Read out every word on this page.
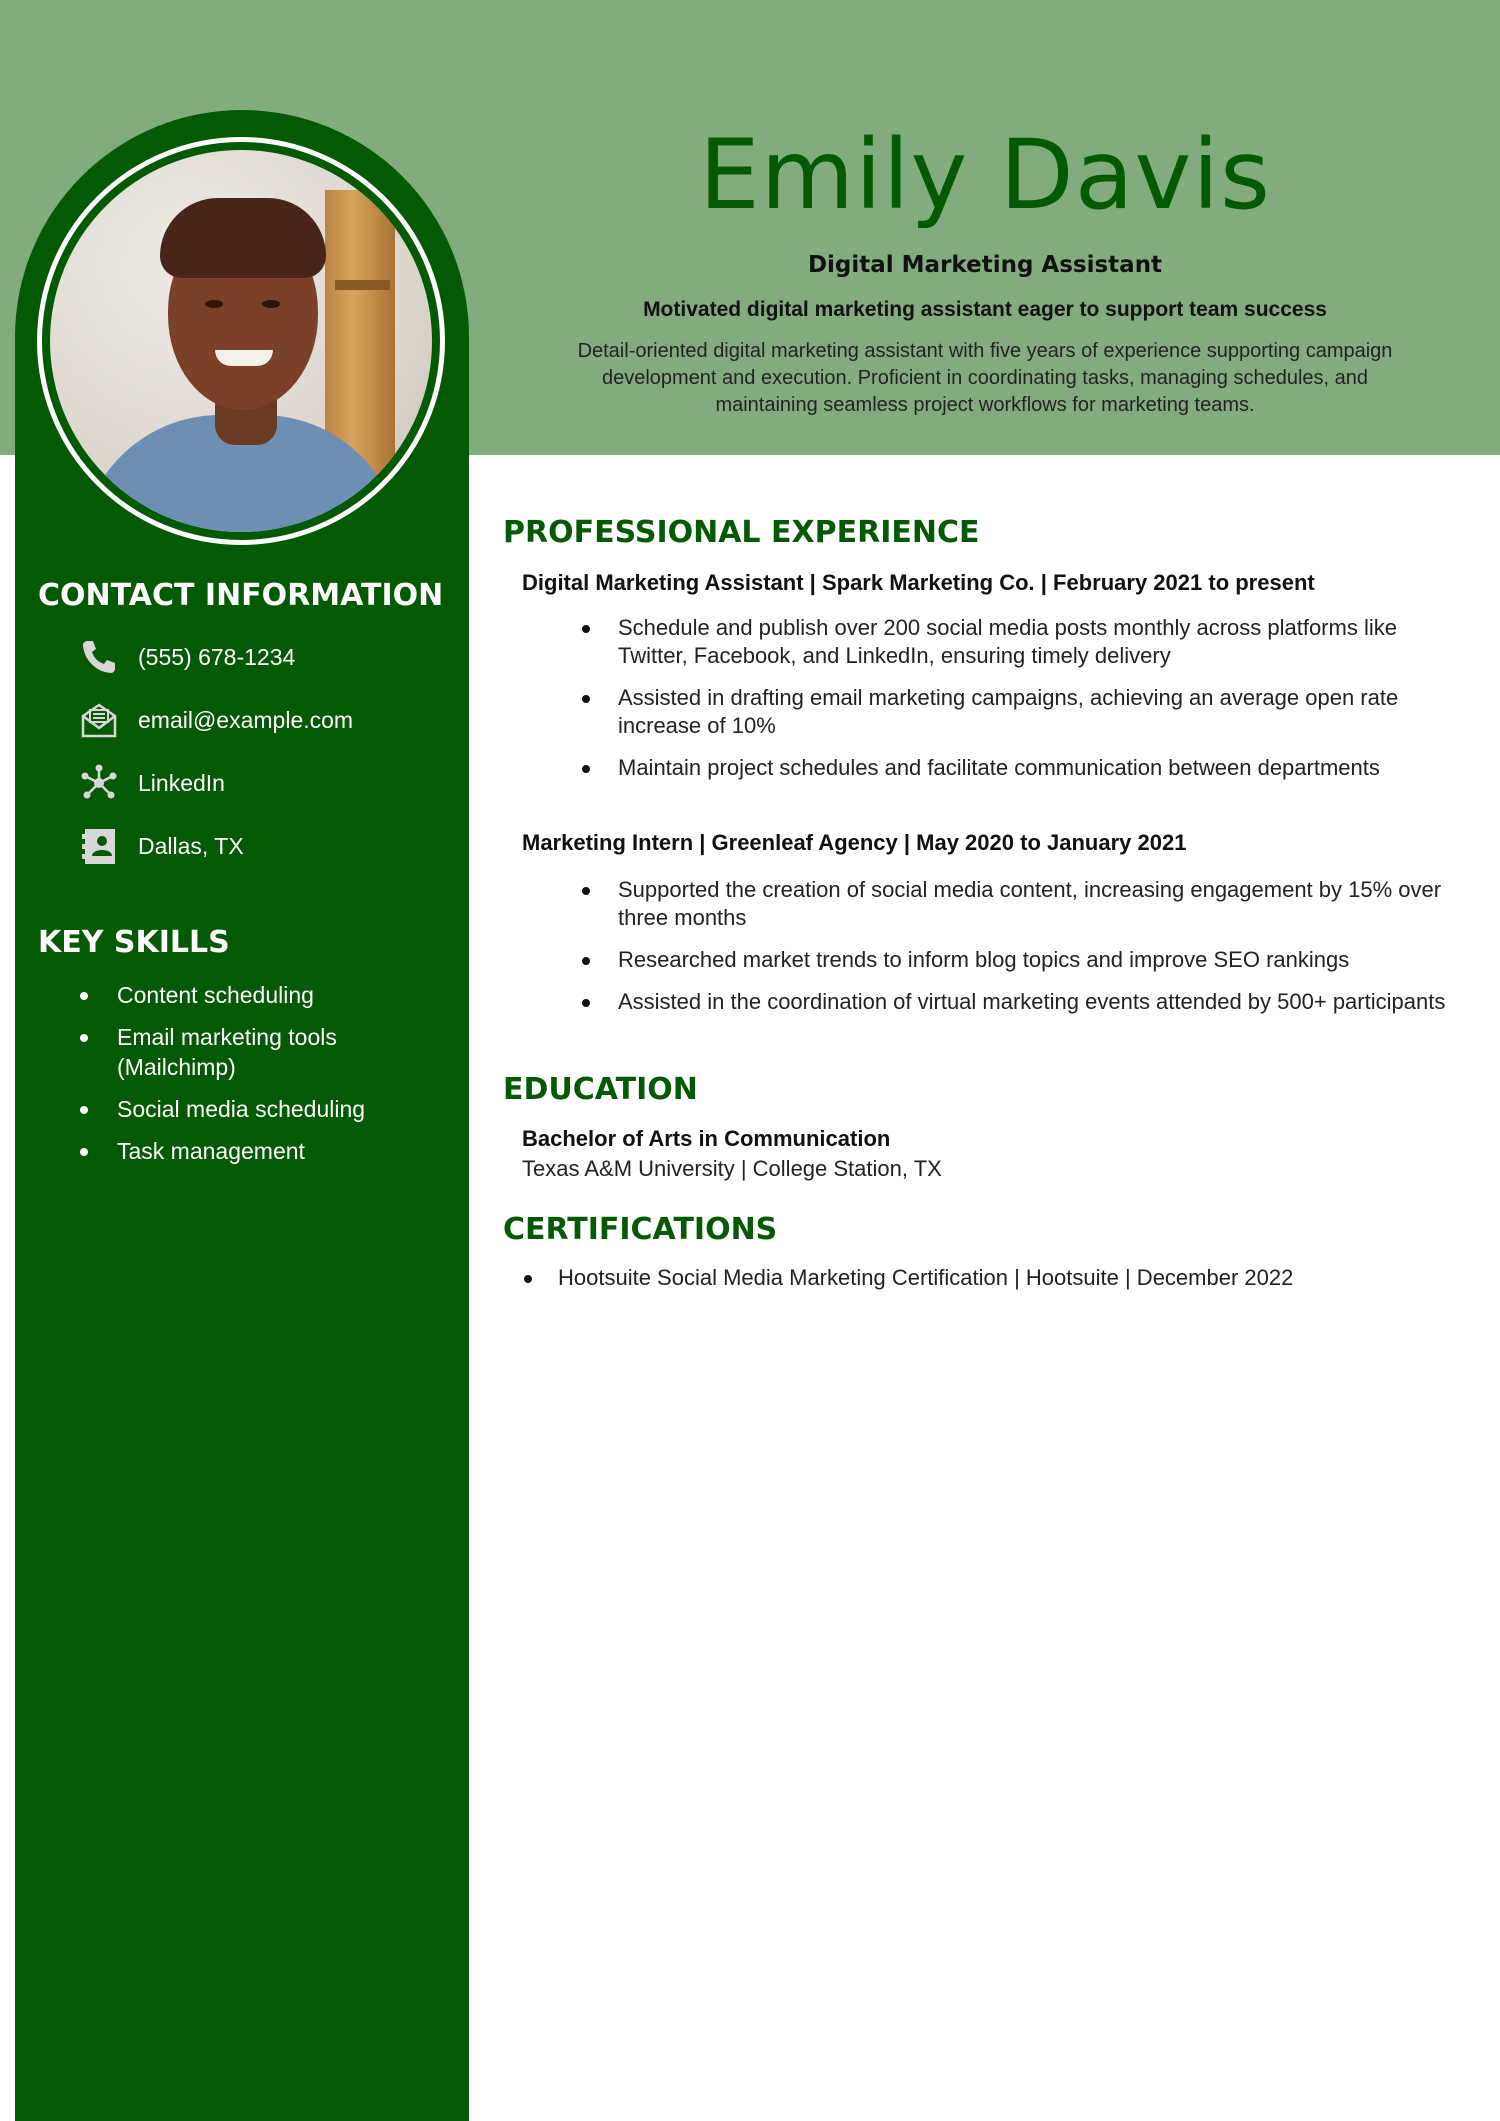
Emily Davis
Digital Marketing Assistant
Motivated digital marketing assistant eager to support team success
Detail-oriented digital marketing assistant with five years of experience supporting campaign development and execution. Proficient in coordinating tasks, managing schedules, and maintaining seamless project workflows for marketing teams.
CONTACT INFORMATION
(555) 678-1234
email@example.com
LinkedIn
Dallas, TX
KEY SKILLS
Content scheduling
Email marketing tools (Mailchimp)
Social media scheduling
Task management
PROFESSIONAL EXPERIENCE
Digital Marketing Assistant | Spark Marketing Co. | February 2021 to present
Schedule and publish over 200 social media posts monthly across platforms like Twitter, Facebook, and LinkedIn, ensuring timely delivery
Assisted in drafting email marketing campaigns, achieving an average open rate increase of 10%
Maintain project schedules and facilitate communication between departments
Marketing Intern | Greenleaf Agency | May 2020 to January 2021
Supported the creation of social media content, increasing engagement by 15% over three months
Researched market trends to inform blog topics and improve SEO rankings
Assisted in the coordination of virtual marketing events attended by 500+ participants
EDUCATION
Bachelor of Arts in Communication
Texas A&M University | College Station, TX
CERTIFICATIONS
Hootsuite Social Media Marketing Certification | Hootsuite | December 2022
